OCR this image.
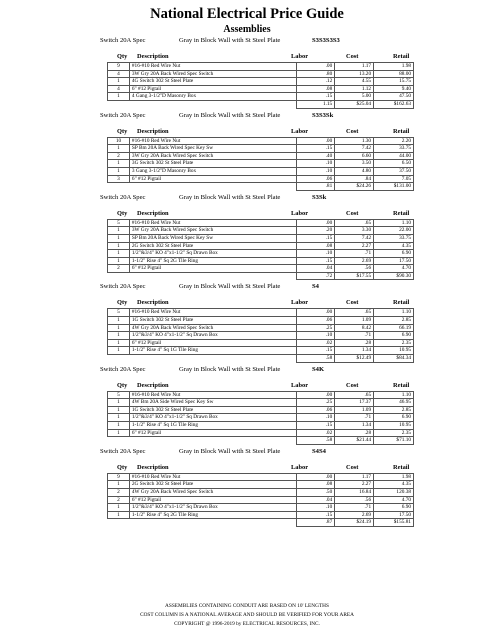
National Electrical Price Guide
Assemblies
Switch 20A Spec	Gray in Block Wall with St Steel Plate	S3S3S3S3
Qty Description	Labor	Cost	Retail
9	#16-#10 Red Wire Nut	.00	1.17	1.98
4	3W Gry 20A Back Wired Spec Switch	.80	13.20	88.00
1	4G Switch 302 St Steel Plate	.12	4.55	15.75
4	6" #12 Pigtail	.08	1.12	9.40
1	4 Gang 3-1/2"D Masonry Box	.15	5.00	47.50
		1.15	$25.04	$162.63
Switch 20A Spec	Gray in Block Wall with St Steel Plate	S3S3Sk
Qty Description	Labor	Cost	Retail
10	#16-#10 Red Wire Nut	.00	1.30	2.20
1	SP Bm 20A Back Wired Spec Key Sw	.15	7.42	33.75
2	3W Gry 20A Back Wired Spec Switch	.40	6.60	44.00
1	3G Switch 302 St Steel Plate	.10	3.50	6.50
1	3 Gang 3-1/2"D Masonry Box	.10	4.80	37.50
3	6" #12 Pigtail	.06	.84	7.05
		.81	$24.26	$131.00
Switch 20A Spec	Gray in Block Wall with St Steel Plate	S3Sk
Qty Description	Labor	Cost	Retail
5	#16-#10 Red Wire Nut	.00	.65	1.10
1	3W Gry 20A Back Wired Spec Switch	.20	3.30	22.00
1	SP Bm 20A Back Wired Spec Key Sw	.15	7.42	33.75
1	2G Switch 302 St Steel Plate	.08	2.27	4.35
1	1/2"&3/4" KO 4"x1-1/2" Sq Drawn Box	.10	.71	6.90
1	1-1/2" Rise 4" Sq 2G Tile Ring	.15	2.69	17.50
2	6" #12 Pigtail	.04	.56	4.70
		.72	$17.55	$90.30
Switch 20A Spec	Gray in Block Wall with St Steel Plate	S4
Qty Description	Labor	Cost	Retail
5	#16-#10 Red Wire Nut	.00	.65	1.10
1	1G Switch 302 St Steel Plate	.06	1.09	2.85
1	4W Gry 20A Back Wired Spec Switch	.25	8.42	66.19
1	1/2"&3/4" KO 4"x1-1/2" Sq Drawn Box	.10	.71	6.90
1	6" #12 Pigtail	.02	.28	2.35
1	1-1/2" Rise 4" Sq 1G Tile Ring	.15	1.34	10.95
		.58	$12.49	$84.34
Switch 20A Spec	Gray in Block Wall with St Steel Plate	S4K
Qty Description	Labor	Cost	Retail
5	#16-#10 Red Wire Nut	.00	.65	1.10
1	4W Bm 20A Side Wired Spec Key Sw	.25	17.37	46.95
1	1G Switch 302 St Steel Plate	.06	1.09	2.85
1	1/2"&3/4" KO 4"x1-1/2" Sq Drawn Box	.10	.71	6.90
1	1-1/2" Rise 4" Sq 1G Tile Ring	.15	1.34	10.95
1	6" #12 Pigtail	.02	.28	2.35
		.58	$21.44	$71.10
Switch 20A Spec	Gray in Block Wall with St Steel Plate	S4S4
Qty Description	Labor	Cost	Retail
9	#16-#10 Red Wire Nut	.00	1.17	1.98
1	2G Switch 302 St Steel Plate	.08	2.27	4.35
2	4W Gry 20A Back Wired Spec Switch	.50	16.84	120.38
2	6" #12 Pigtail	.04	.56	4.70
1	1/2"&3/4" KO 4"x1-1/2" Sq Drawn Box	.10	.71	6.90
1	1-1/2" Rise 4" Sq 2G Tile Ring	.15	2.69	17.50
		.87	$24.19	$155.81
ASSEMBLIES CONTAINING CONDUIT ARE BASED ON 10' LENGTHS
COST COLUMN IS A NATIONAL AVERAGE AND SHOULD BE VERIFIED FOR YOUR AREA
COPYRIGHT @ 1996-2019 by ELECTRICAL RESOURCES, INC.
